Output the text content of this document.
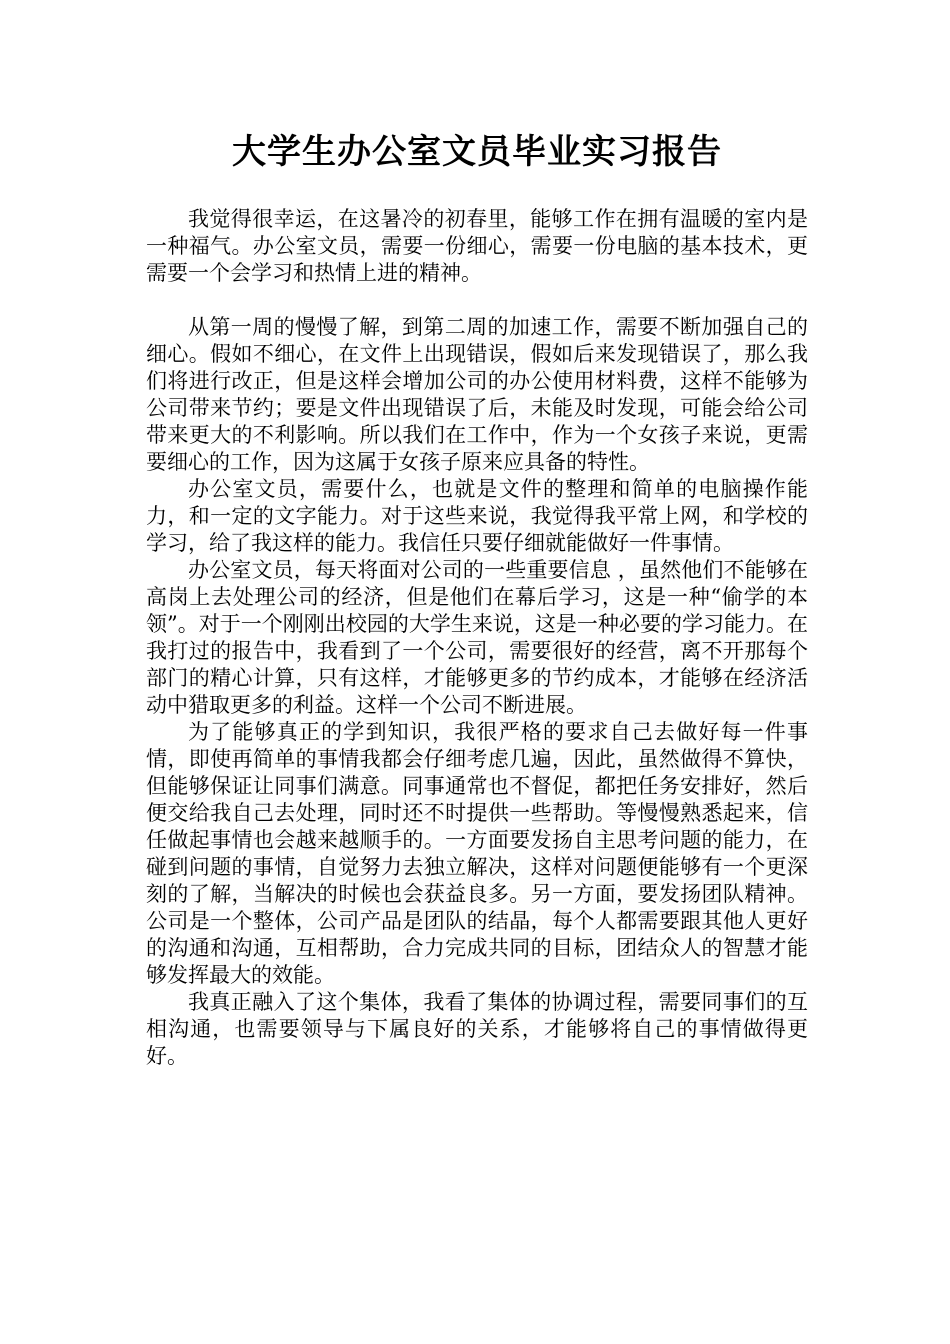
大学生办公室文员毕业实习报告

我觉得很幸运，在这暑冷的初春里，能够工作在拥有温暖的室内是一种福气。办公室文员，需要一份细心，需要一份电脑的基本技术，更需要一个会学习和热情上进的精神。

从第一周的慢慢了解，到第二周的加速工作，需要不断加强自己的细心。假如不细心，在文件上出现错误，假如后来发现错误了，那么我们将进行改正，但是这样会增加公司的办公使用材料费，这样不能够为公司带来节约；要是文件出现错误了后，未能及时发现，可能会给公司带来更大的不利影响。所以我们在工作中，作为一个女孩子来说，更需要细心的工作，因为这属于女孩子原来应具备的特性。

办公室文员，需要什么，也就是文件的整理和简单的电脑操作能力，和一定的文字能力。对于这些来说，我觉得我平常上网，和学校的学习，给了我这样的能力。我信任只要仔细就能做好一件事情。

办公室文员，每天将面对公司的一些重要信息 ，虽然他们不能够在高岗上去处理公司的经济，但是他们在幕后学习，这是一种“偷学的本领”。对于一个刚刚出校园的大学生来说，这是一种必要的学习能力。在我打过的报告中，我看到了一个公司，需要很好的经营，离不开那每个部门的精心计算，只有这样，才能够更多的节约成本，才能够在经济活动中猎取更多的利益。这样一个公司不断进展。

为了能够真正的学到知识，我很严格的要求自己去做好每一件事情，即使再简单的事情我都会仔细考虑几遍，因此，虽然做得不算快，但能够保证让同事们满意。同事通常也不督促，都把任务安排好，然后便交给我自己去处理，同时还不时提供一些帮助。等慢慢熟悉起来，信任做起事情也会越来越顺手的。一方面要发扬自主思考问题的能力，在碰到问题的事情，自觉努力去独立解决，这样对问题便能够有一个更深刻的了解，当解决的时候也会获益良多。另一方面，要发扬团队精神。公司是一个整体，公司产品是团队的结晶，每个人都需要跟其他人更好的沟通和沟通，互相帮助，合力完成共同的目标，团结众人的智慧才能够发挥最大的效能。

我真正融入了这个集体，我看了集体的协调过程，需要同事们的互相沟通，也需要领导与下属良好的关系，才能够将自己的事情做得更好。
